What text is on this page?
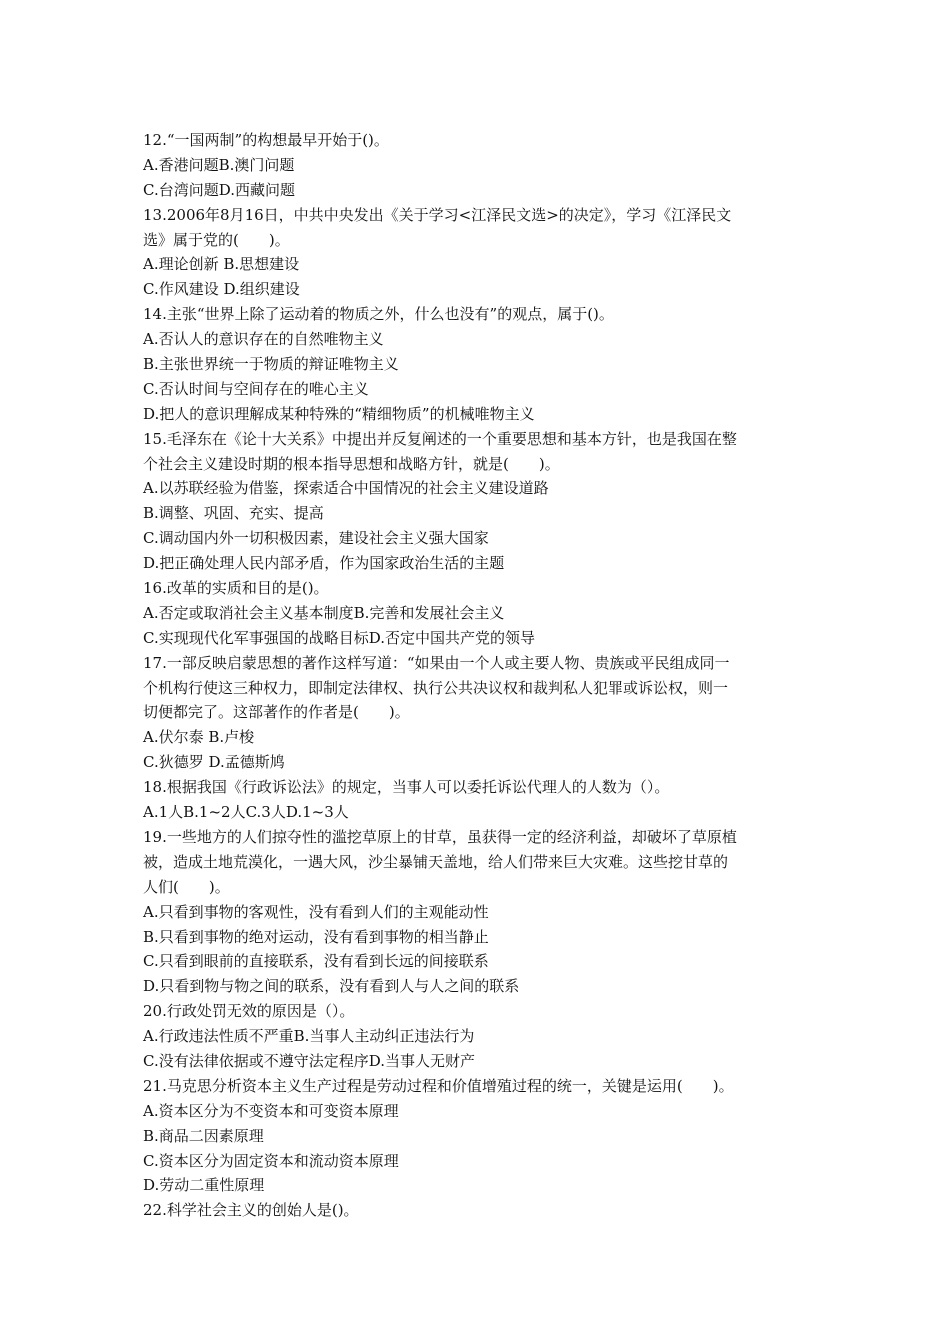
12.“一国两制”的构想最早开始于()。
A.香港问题B.澳门问题
C.台湾问题D.西藏问题
13.2006年8月16日，中共中央发出《关于学习<江泽民文选>的决定》，学习《江泽民文
选》属于党的(　　)。
A.理论创新 B.思想建设
C.作风建设 D.组织建设
14.主张“世界上除了运动着的物质之外，什么也没有”的观点，属于()。
A.否认人的意识存在的自然唯物主义
B.主张世界统一于物质的辩证唯物主义
C.否认时间与空间存在的唯心主义
D.把人的意识理解成某种特殊的“精细物质”的机械唯物主义
15.毛泽东在《论十大关系》中提出并反复阐述的一个重要思想和基本方针，也是我国在整
个社会主义建设时期的根本指导思想和战略方针，就是(　　)。
A.以苏联经验为借鉴，探索适合中国情况的社会主义建设道路
B.调整、巩固、充实、提高
C.调动国内外一切积极因素，建设社会主义强大国家
D.把正确处理人民内部矛盾，作为国家政治生活的主题
16.改革的实质和目的是()。
A.否定或取消社会主义基本制度B.完善和发展社会主义
C.实现现代化军事强国的战略目标D.否定中国共产党的领导
17.一部反映启蒙思想的著作这样写道：“如果由一个人或主要人物、贵族或平民组成同一
个机构行使这三种权力，即制定法律权、执行公共决议权和裁判私人犯罪或诉讼权，则一
切便都完了。这部著作的作者是(　　)。
A.伏尔泰 B.卢梭
C.狄德罗 D.孟德斯鸠
18.根据我国《行政诉讼法》的规定，当事人可以委托诉讼代理人的人数为（）。
A.1人B.1~2人C.3人D.1~3人
19.一些地方的人们掠夺性的滥挖草原上的甘草，虽获得一定的经济利益，却破坏了草原植
被，造成土地荒漠化，一遇大风，沙尘暴铺天盖地，给人们带来巨大灾难。这些挖甘草的
人们(　　)。
A.只看到事物的客观性，没有看到人们的主观能动性
B.只看到事物的绝对运动，没有看到事物的相当静止
C.只看到眼前的直接联系，没有看到长远的间接联系
D.只看到物与物之间的联系，没有看到人与人之间的联系
20.行政处罚无效的原因是（）。
A.行政违法性质不严重B.当事人主动纠正违法行为
C.没有法律依据或不遵守法定程序D.当事人无财产
21.马克思分析资本主义生产过程是劳动过程和价值增殖过程的统一，关键是运用(　　)。
A.资本区分为不变资本和可变资本原理
B.商品二因素原理
C.资本区分为固定资本和流动资本原理
D.劳动二重性原理
22.科学社会主义的创始人是()。
